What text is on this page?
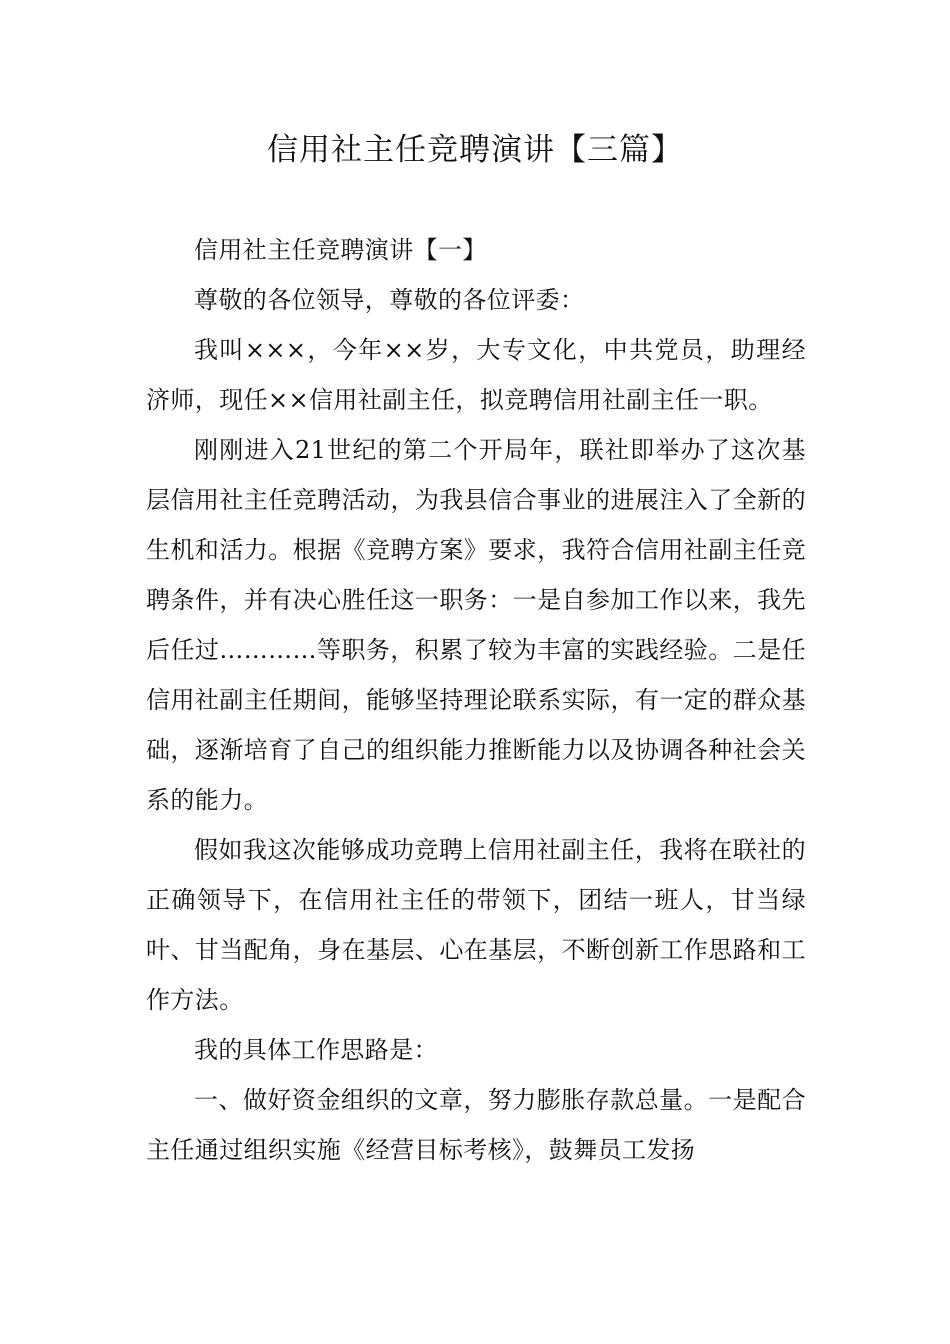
信用社主任竞聘演讲【三篇】

信用社主任竞聘演讲【一】

尊敬的各位领导，尊敬的各位评委：

我叫×××，今年××岁，大专文化，中共党员，助理经济师，现任××信用社副主任，拟竞聘信用社副主任一职。

刚刚进入21世纪的第二个开局年，联社即举办了这次基层信用社主任竞聘活动，为我县信合事业的进展注入了全新的生机和活力。根据《竞聘方案》要求，我符合信用社副主任竞聘条件，并有决心胜任这一职务：一是自参加工作以来，我先后任过…………等职务，积累了较为丰富的实践经验。二是任信用社副主任期间，能够坚持理论联系实际，有一定的群众基础，逐渐培育了自己的组织能力推断能力以及协调各种社会关系的能力。

假如我这次能够成功竞聘上信用社副主任，我将在联社的正确领导下，在信用社主任的带领下，团结一班人，甘当绿叶、甘当配角，身在基层、心在基层，不断创新工作思路和工作方法。

我的具体工作思路是：

一、做好资金组织的文章，努力膨胀存款总量。一是配合主任通过组织实施《经营目标考核》，鼓舞员工发扬
